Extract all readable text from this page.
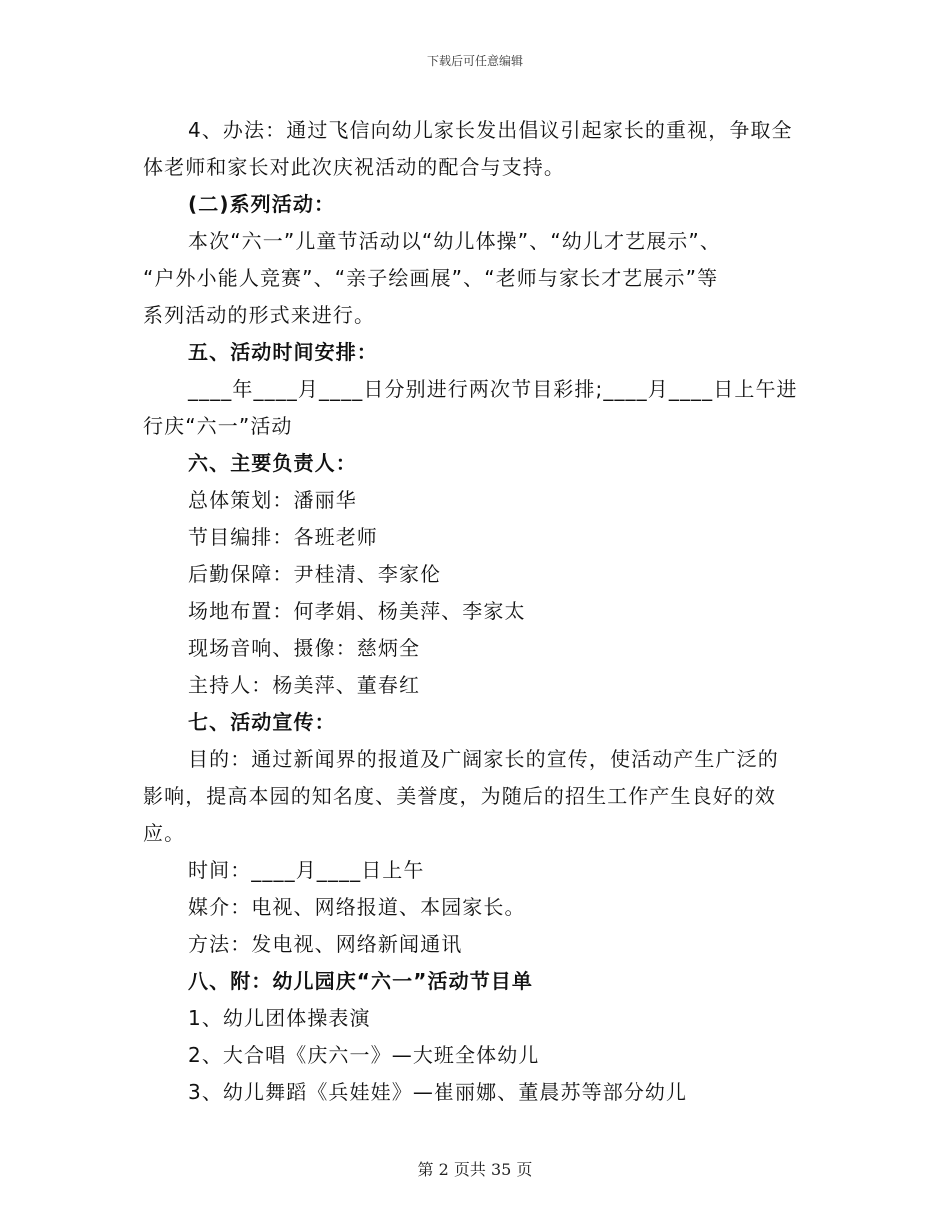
下载后可任意编辑
4、办法：通过飞信向幼儿家长发出倡议引起家长的重视，争取全
体老师和家长对此次庆祝活动的配合与支持。
(二)系列活动：
本次“六一”儿童节活动以“幼儿体操”、“幼儿才艺展示”、
“户外小能人竞赛”、“亲子绘画展”、“老师与家长才艺展示”等
系列活动的形式来进行。
五、活动时间安排：
____年____月____日分别进行两次节目彩排;____月____日上午进
行庆“六一”活动
六、主要负责人：
总体策划：潘丽华
节目编排：各班老师
后勤保障：尹桂清、李家伦
场地布置：何孝娟、杨美萍、李家太
现场音响、摄像：慈炳全
主持人：杨美萍、董春红
七、活动宣传：
目的：通过新闻界的报道及广阔家长的宣传，使活动产生广泛的
影响，提高本园的知名度、美誉度，为随后的招生工作产生良好的效
应。
时间：____月____日上午
媒介：电视、网络报道、本园家长。
方法：发电视、网络新闻通讯
八、附：幼儿园庆“六一”活动节目单
1、幼儿团体操表演
2、大合唱《庆六一》—大班全体幼儿
3、幼儿舞蹈《兵娃娃》—崔丽娜、董晨苏等部分幼儿
第 2 页共 35 页
